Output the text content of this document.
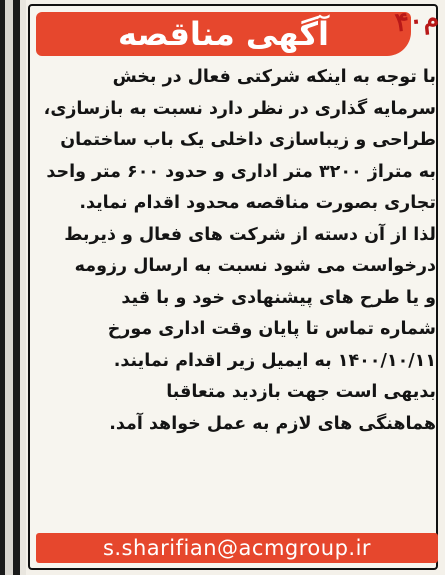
آگهی مناقصه ۴۰م
با توجه به اینکه شرکتی فعال در بخش
سرمایه گذاری در نظر دارد نسبت به بازسازی،
طراحی و زیباسازی داخلی یک باب ساختمان
به متراژ ۳۲۰۰ متر اداری و حدود ۶۰۰ متر واحد
تجاری بصورت مناقصه محدود اقدام نماید.
لذا از آن دسته از شرکت های فعال و ذیربط
درخواست می شود نسبت به ارسال رزومه
و یا طرح های پیشنهادی خود و با قید
شماره تماس تا پایان وقت اداری مورخ
۱۴۰۰/۱۰/۱۱ به ایمیل زیر اقدام نمایند.
بدیهی است جهت بازدید متعاقبا
هماهنگی های لازم به عمل خواهد آمد.
s.sharifian@acmgroup.ir
